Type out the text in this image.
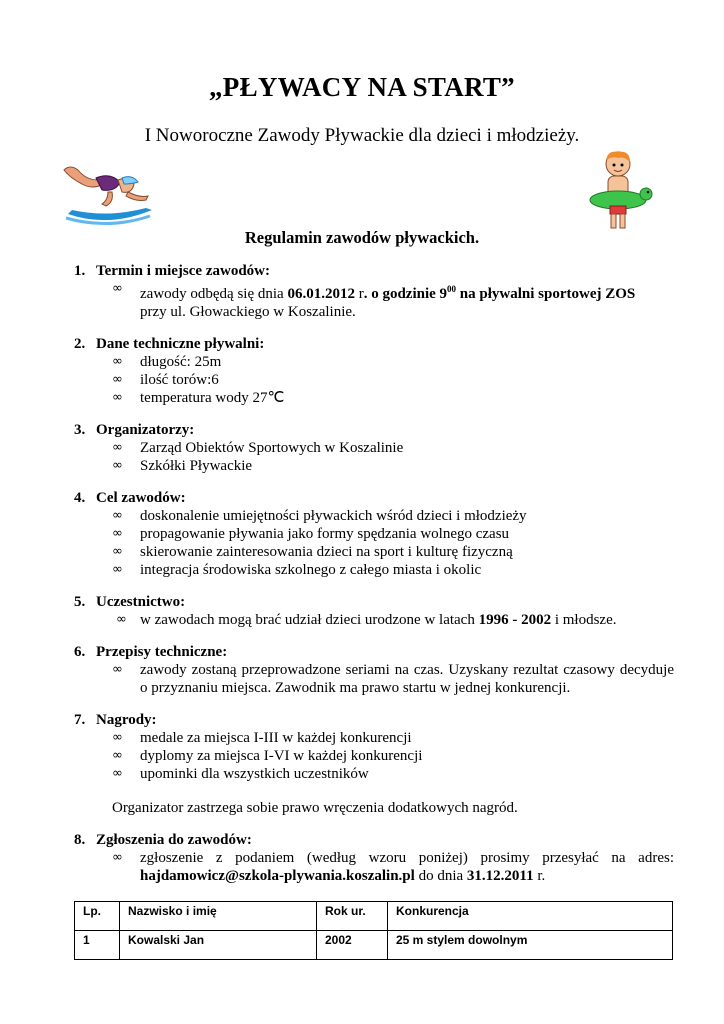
„PŁYWACY NA START”
I Noworoczne Zawody Pływackie dla dzieci i młodzieży.
Regulamin zawodów pływackich.
1. Termin i miejsce zawodów:
∞	zawody odbędą się dnia 06.01.2012 r. o godzinie $9^{00}$ na pływalni sportowej ZOS
przy ul. Głowackiego w Koszalinie.
2. Dane techniczne pływalni:
∞	długość: 25m
∞	ilość torów:6
∞	temperatura wody 27℃
3. Organizatorzy:
∞	Zarząd Obiektów Sportowych w Koszalinie
∞	Szkółki Pływackie
4. Cel zawodów:
∞	doskonalenie umiejętności pływackich wśród dzieci i młodzieży
∞	propagowanie pływania jako formy spędzania wolnego czasu
∞	skierowanie zainteresowania dzieci na sport i kulturę fizyczną
∞	integracja środowiska szkolnego z całego miasta i okolic
5. Uczestnictwo:
∞ w zawodach mogą brać udział dzieci urodzone w latach 1996 - 2002 i młodsze.
6. Przepisy techniczne:
∞	zawody zostaną przeprowadzone seriami na czas. Uzyskany rezultat czasowy decyduje o przyznaniu miejsca. Zawodnik ma prawo startu w jednej konkurencji.
7. Nagrody:
∞	medale za miejsca I-III w każdej konkurencji
∞	dyplomy za miejsca I-VI w każdej konkurencji
∞	upominki dla wszystkich uczestników
Organizator zastrzega sobie prawo wręczenia dodatkowych nagród.
8. Zgłoszenia do zawodów:
∞	zgłoszenie z podaniem (według wzoru poniżej) prosimy przesyłać na adres: hajdamowicz@szkola-plywania.koszalin.pl do dnia 31.12.2011 r.
Lp.	Nazwisko i imię	Rok ur.	Konkurencja
1	Kowalski Jan	2002	25 m stylem dowolnym
